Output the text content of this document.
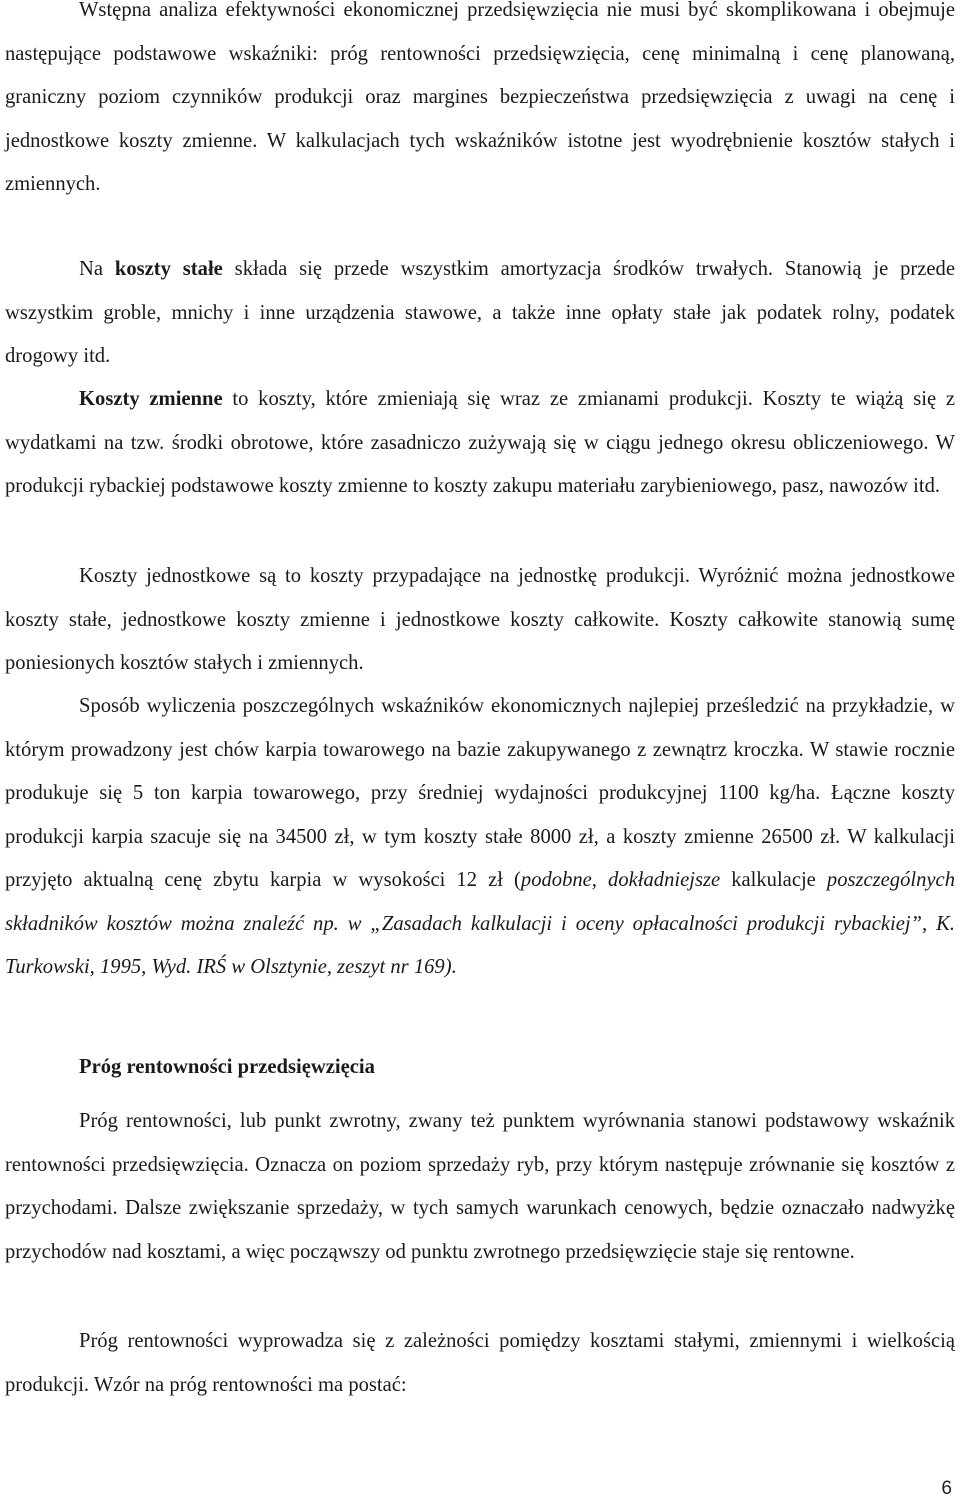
Wstępna analiza efektywności ekonomicznej przedsięwzięcia nie musi być skomplikowana i obejmuje następujące podstawowe wskaźniki: próg rentowności przedsięwzięcia, cenę minimalną i cenę planowaną, graniczny poziom czynników produkcji oraz margines bezpieczeństwa przedsięwzięcia z uwagi na cenę i jednostkowe koszty zmienne. W kalkulacjach tych wskaźników istotne jest wyodrębnienie kosztów stałych i zmiennych.

Na koszty stałe składa się przede wszystkim amortyzacja środków trwałych. Stanowią je przede wszystkim groble, mnichy i inne urządzenia stawowe, a także inne opłaty stałe jak podatek rolny, podatek drogowy itd.

Koszty zmienne to koszty, które zmieniają się wraz ze zmianami produkcji. Koszty te wiążą się z wydatkami na tzw. środki obrotowe, które zasadniczo zużywają się w ciągu jednego okresu obliczeniowego. W produkcji rybackiej podstawowe koszty zmienne to koszty zakupu materiału zarybieniowego, pasz, nawozów itd.

Koszty jednostkowe są to koszty przypadające na jednostkę produkcji. Wyróżnić można jednostkowe koszty stałe, jednostkowe koszty zmienne i jednostkowe koszty całkowite. Koszty całkowite stanowią sumę poniesionych kosztów stałych i zmiennych.

Sposób wyliczenia poszczególnych wskaźników ekonomicznych najlepiej prześledzić na przykładzie, w którym prowadzony jest chów karpia towarowego na bazie zakupywanego z zewnątrz kroczka. W stawie rocznie produkuje się 5 ton karpia towarowego, przy średniej wydajności produkcyjnej 1100 kg/ha. Łączne koszty produkcji karpia szacuje się na 34500 zł, w tym koszty stałe 8000 zł, a koszty zmienne 26500 zł. W kalkulacji przyjęto aktualną cenę zbytu karpia w wysokości 12 zł (podobne, dokładniejsze kalkulacje poszczególnych składników kosztów można znaleźć np. w „Zasadach kalkulacji i oceny opłacalności produkcji rybackiej”, K. Turkowski, 1995, Wyd. IRŚ w Olsztynie, zeszyt nr 169).

Próg rentowności przedsięwzięcia

Próg rentowności, lub punkt zwrotny, zwany też punktem wyrównania stanowi podstawowy wskaźnik rentowności przedsięwzięcia. Oznacza on poziom sprzedaży ryb, przy którym następuje zrównanie się kosztów z przychodami. Dalsze zwiększanie sprzedaży, w tych samych warunkach cenowych, będzie oznaczało nadwyżkę przychodów nad kosztami, a więc począwszy od punktu zwrotnego przedsięwzięcie staje się rentowne.

Próg rentowności wyprowadza się z zależności pomiędzy kosztami stałymi, zmiennymi i wielkością produkcji. Wzór na próg rentowności ma postać:

6
